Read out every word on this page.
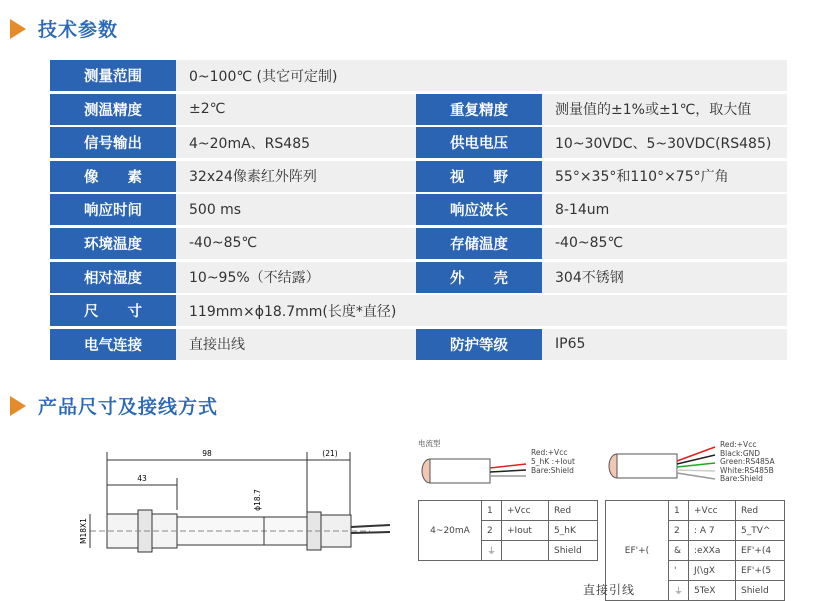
技术参数
测量范围	0~100℃ (其它可定制)
测温精度	±2℃	重复精度	测量值的±1%或±1℃，取大值
信号输出	4~20mA、RS485	供电电压	10~30VDC、5~30VDC(RS485)
像　　素	32x24像素红外阵列	视　　野	55°×35°和110°×75°广角
响应时间	500 ms	响应波长	8-14um
环境温度	-40~85℃	存储温度	-40~85℃
相对湿度	10~95%（不结露）	外　　壳	304不锈钢
尺　　寸	119mm×ϕ18.7mm(长度*直径)
电气连接	直接出线	防护等级	IP65
产品尺寸及接线方式
98	(21)
43
ϕ18.7
M18X1
电流型
Red:+Vcc
5_hK :+Iout
Bare:Shield
4~20mA	1	+Vcc	Red
	2	+Iout	5_hK
	⏚		Shield
Red:+Vcc
Black:GND
Green:RS485A
White:RS485B
Bare:Shield
EF'+(	1	+Vcc	Red
	2	: A 7	5_TV^
	&	:eXXa	EF'+(4
	'	J(\gX	EF'+(5
	⏚	5TeX	Shield
直接引线
